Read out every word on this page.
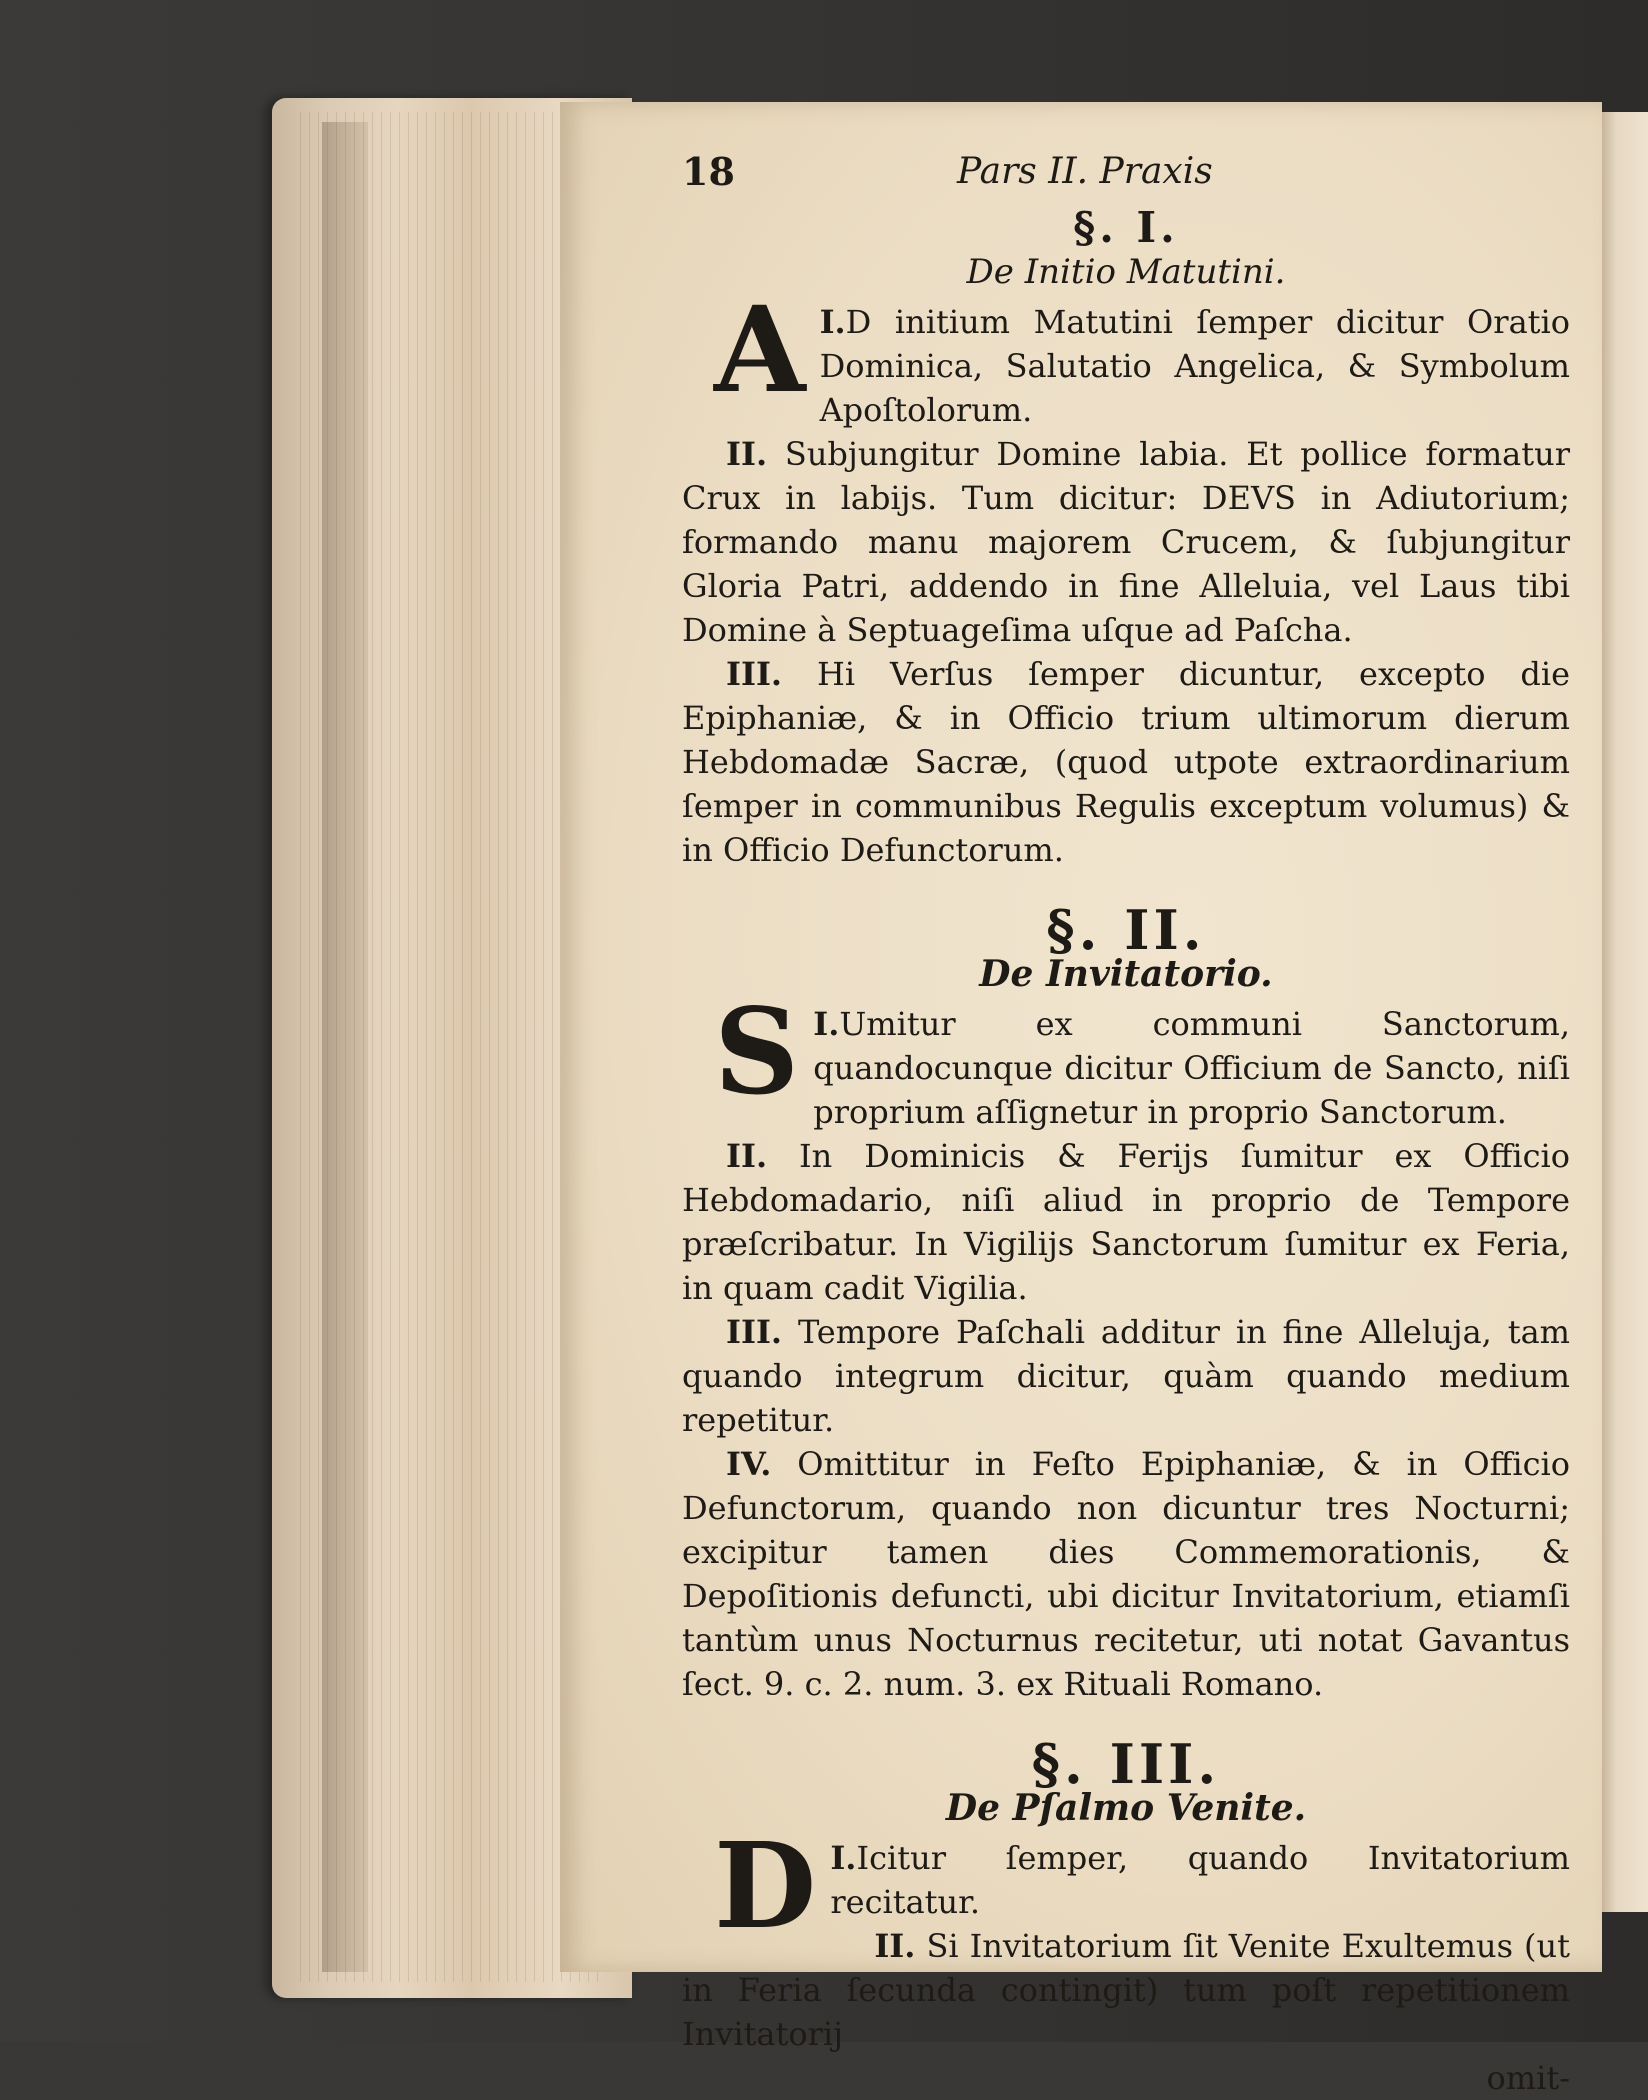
18	Pars II. Praxis
§. I.
De Initio Matutini.

I.
A D initium Matutini ſemper dicitur Oratio Dominica, Salutatio Angelica, & Symbolum Apoſtolorum.

II. Subjungitur Domine labia. Et pollice formatur Crux in labijs. Tum dicitur: DEVS in Adiutorium; formando manu majorem Crucem, & ſubjungitur Gloria Patri, addendo in fine Alleluia, vel Laus tibi Domine à Septuageſima uſque ad Paſcha.

III. Hi Verſus ſemper dicuntur, excepto die Epiphaniæ, & in Officio trium ultimorum dierum Hebdomadæ Sacræ, (quod utpote extraordinarium ſemper in communibus Regulis exceptum volumus) & in Officio Defunctorum.

§. II.
De Invitatorio.

I.
S Umitur ex communi Sanctorum, quandocunque dicitur Officium de Sancto, niſi proprium aſſignetur in proprio Sanctorum.

II. In Dominicis & Ferijs ſumitur ex Officio Hebdomadario, niſi aliud in proprio de Tempore præſcribatur. In Vigilijs Sanctorum ſumitur ex Feria, in quam cadit Vigilia.

III. Tempore Paſchali additur in fine Alleluja, tam quando integrum dicitur, quàm quando medium repetitur.

IV. Omittitur in Feſto Epiphaniæ, & in Officio Defunctorum, quando non dicuntur tres Nocturni; excipitur tamen dies Commemorationis, & Depoſitionis defuncti, ubi dicitur Invitatorium, etiamſi tantùm unus Nocturnus recitetur, uti notat Gavantus ſect. 9. c. 2. num. 3. ex Rituali Romano.

§. III.
De Pſalmo Venite.

I.
D Icitur ſemper, quando Invitatorium recitatur.

II. Si Invitatorium ſit Venite Exultemus (ut in Feria ſecunda contingit) tum poſt repetitionem Invitatorij

omit-
